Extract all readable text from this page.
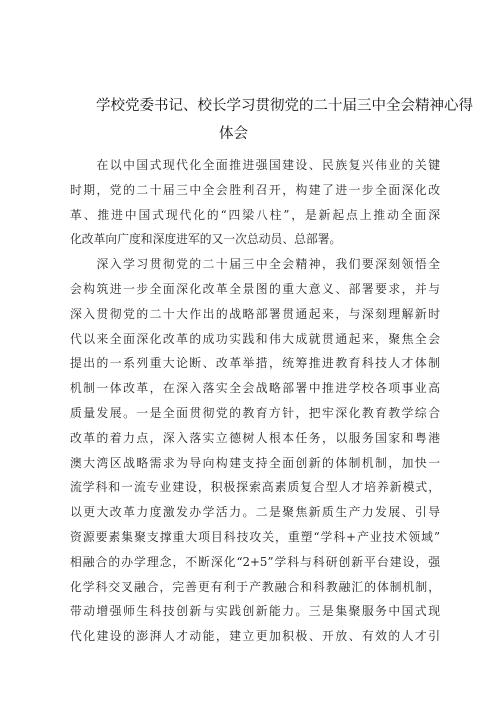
学校党委书记、校长学习贯彻党的二十届三中全会精神心得
体会
　　在以中国式现代化全面推进强国建设、民族复兴伟业的关键
时期，党的二十届三中全会胜利召开，构建了进一步全面深化改
革、推进中国式现代化的“四梁八柱”，是新起点上推动全面深
化改革向广度和深度进军的又一次总动员、总部署。
　　深入学习贯彻党的二十届三中全会精神，我们要深刻领悟全
会构筑进一步全面深化改革全景图的重大意义、部署要求，并与
深入贯彻党的二十大作出的战略部署贯通起来，与深刻理解新时
代以来全面深化改革的成功实践和伟大成就贯通起来，聚焦全会
提出的一系列重大论断、改革举措，统筹推进教育科技人才体制
机制一体改革，在深入落实全会战略部署中推进学校各项事业高
质量发展。一是全面贯彻党的教育方针，把牢深化教育教学综合
改革的着力点，深入落实立德树人根本任务，以服务国家和粤港
澳大湾区战略需求为导向构建支持全面创新的体制机制，加快一
流学科和一流专业建设，积极探索高素质复合型人才培养新模式，
以更大改革力度激发办学活力。二是聚焦新质生产力发展、引导
资源要素集聚支撑重大项目科技攻关，重塑“学科+产业技术领域”
相融合的办学理念，不断深化“2+5”学科与科研创新平台建设，强
化学科交叉融合，完善更有利于产教融合和科教融汇的体制机制，
带动增强师生科技创新与实践创新能力。三是集聚服务中国式现
代化建设的澎湃人才动能，建立更加积极、开放、有效的人才引
